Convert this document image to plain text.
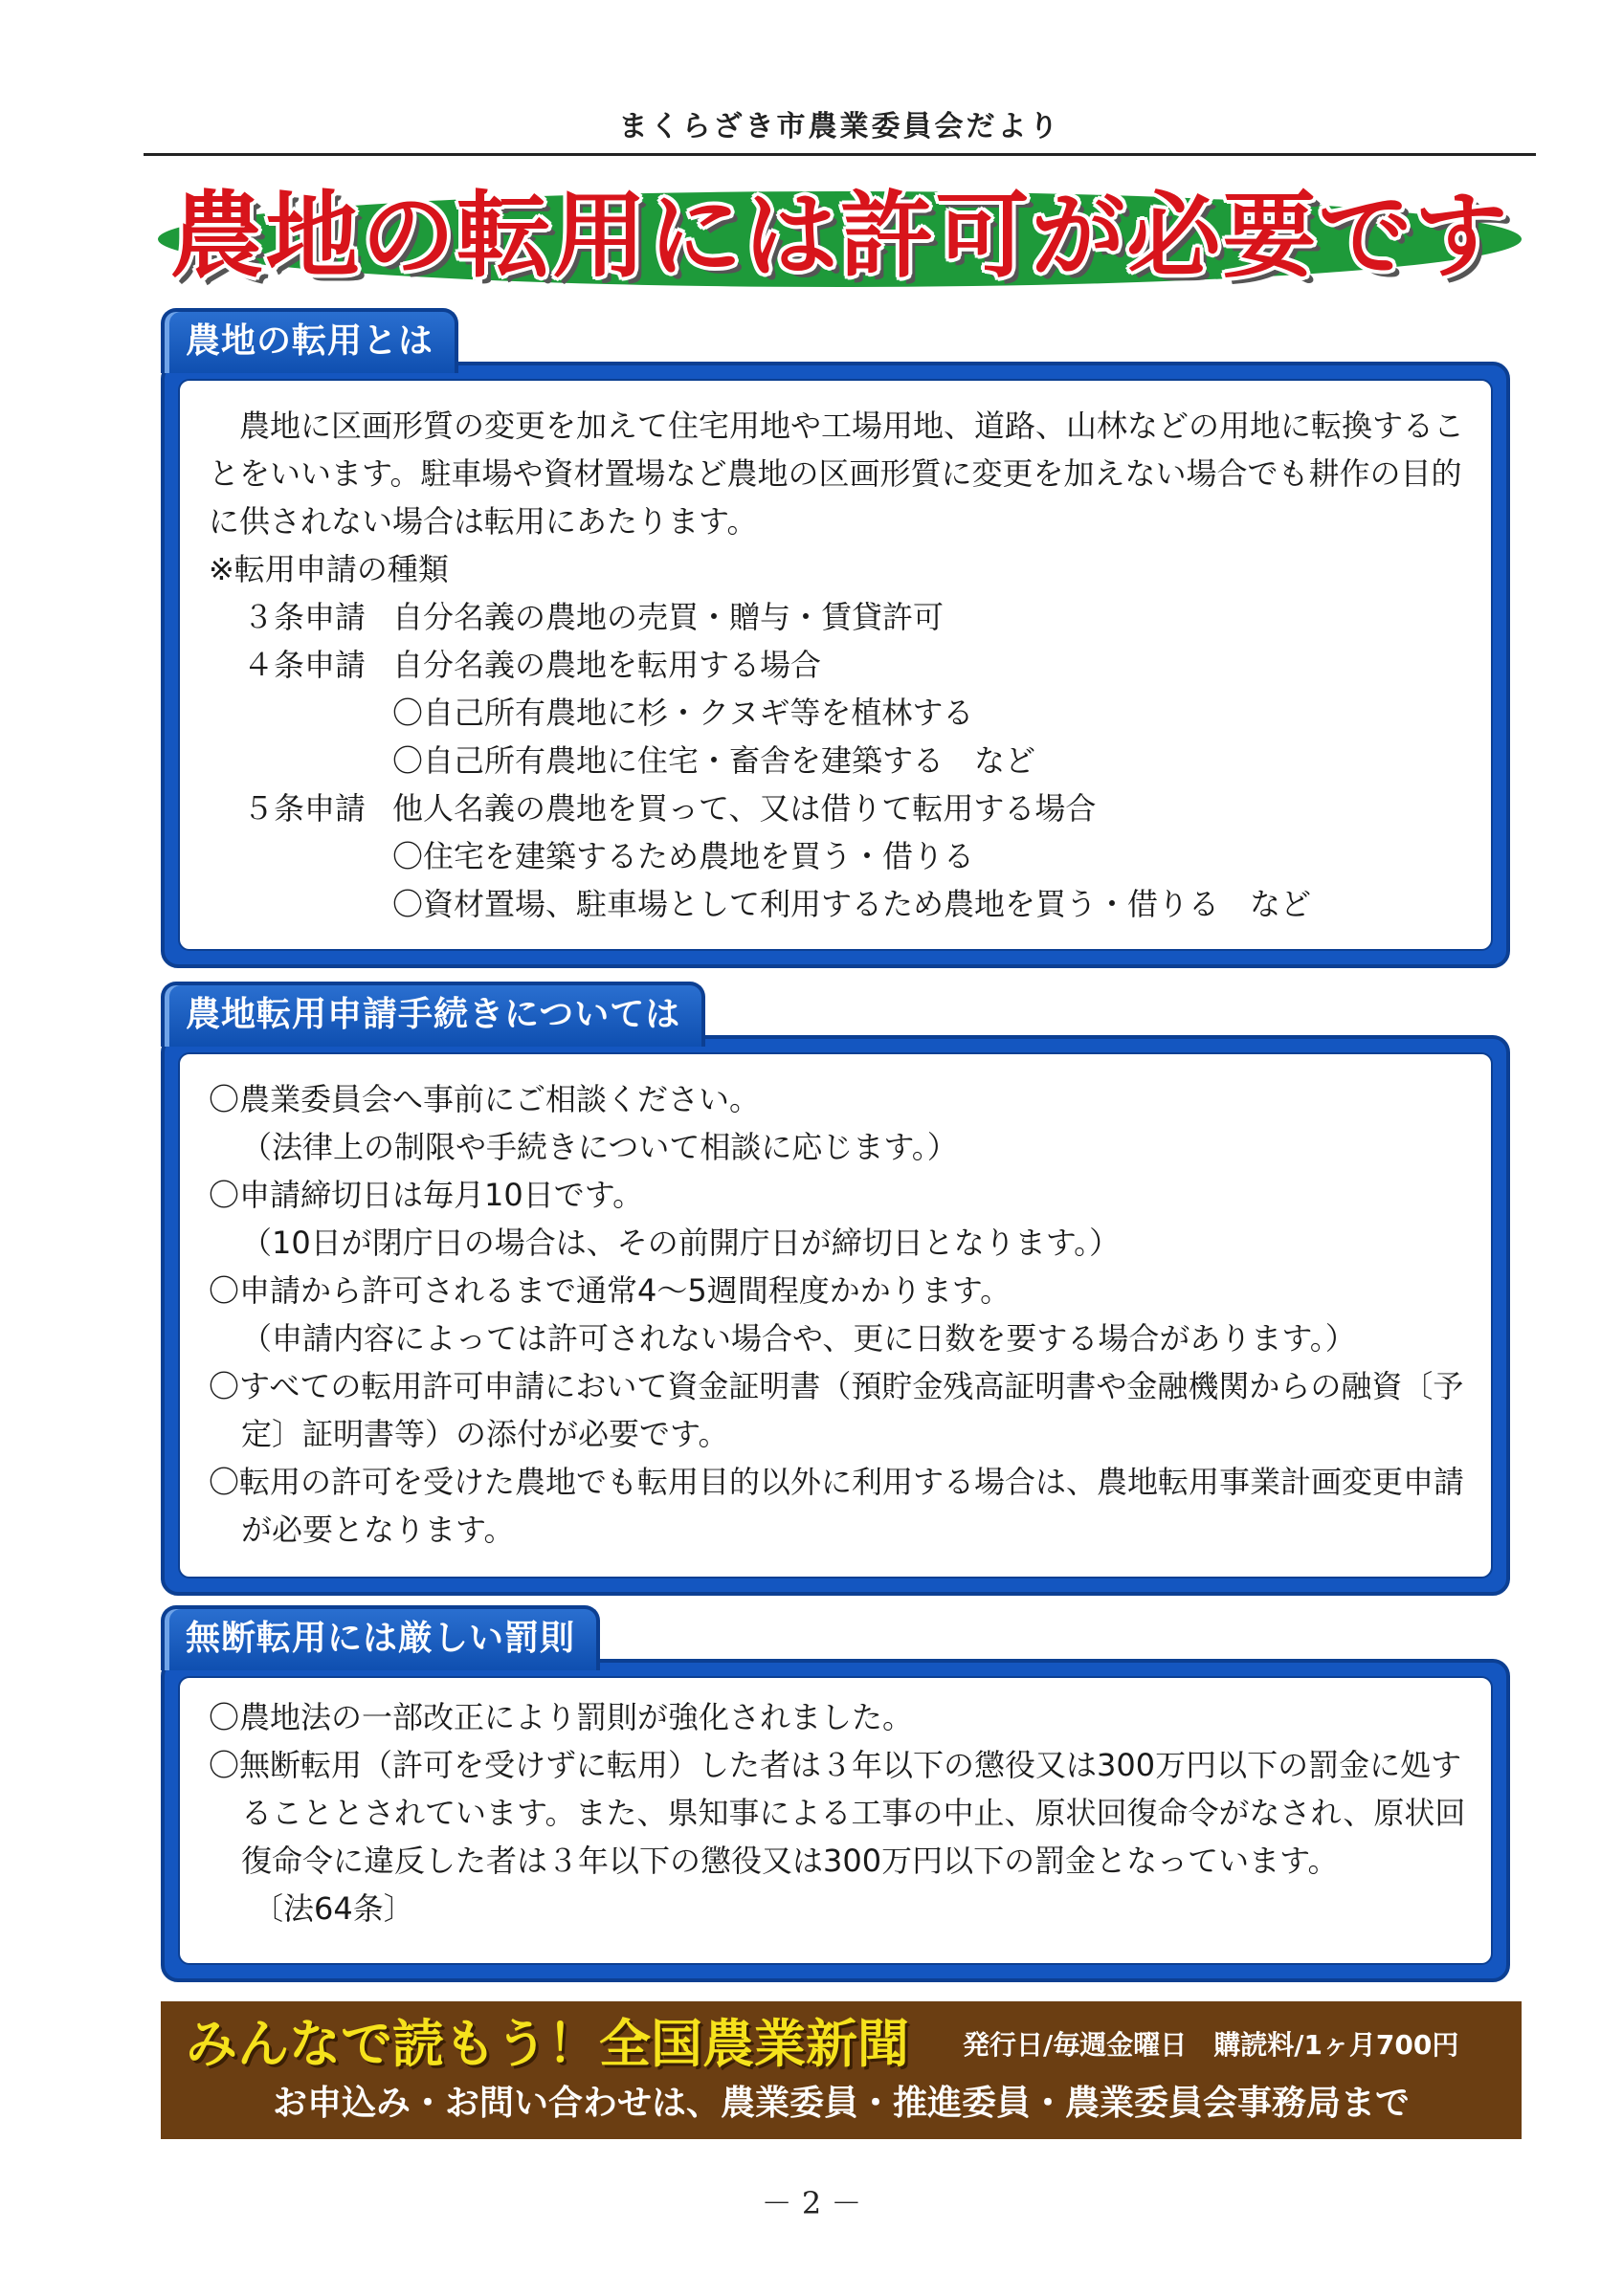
まくらざき市農業委員会だより
農地の転用には許可が必要です
農地の転用とは
　農地に区画形質の変更を加えて住宅用地や工場用地、道路、山林などの用地に転換するこ
とをいいます。駐車場や資材置場など農地の区画形質に変更を加えない場合でも耕作の目的
に供されない場合は転用にあたります。
※転用申請の種類
３条申請 自分名義の農地の売買・贈与・賃貸許可
４条申請 自分名義の農地を転用する場合
〇自己所有農地に杉・クヌギ等を植林する
〇自己所有農地に住宅・畜舎を建築する　など
５条申請 他人名義の農地を買って、又は借りて転用する場合
〇住宅を建築するため農地を買う・借りる
〇資材置場、駐車場として利用するため農地を買う・借りる　など
農地転用申請手続きについては
〇農業委員会へ事前にご相談ください。
（法律上の制限や手続きについて相談に応じます。）
〇申請締切日は毎月10日です。
（10日が閉庁日の場合は、その前開庁日が締切日となります。）
〇申請から許可されるまで通常4～5週間程度かかります。
（申請内容によっては許可されない場合や、更に日数を要する場合があります。）
〇すべての転用許可申請において資金証明書（預貯金残高証明書や金融機関からの融資〔予
定〕証明書等）の添付が必要です。
〇転用の許可を受けた農地でも転用目的以外に利用する場合は、農地転用事業計画変更申請
が必要となります。
無断転用には厳しい罰則
〇農地法の一部改正により罰則が強化されました。
〇無断転用（許可を受けずに転用）した者は３年以下の懲役又は300万円以下の罰金に処す
ることとされています。また、県知事による工事の中止、原状回復命令がなされ、原状回
復命令に違反した者は３年以下の懲役又は300万円以下の罰金となっています。
〔法64条〕
みんなで読もう！全国農業新聞 発行日/毎週金曜日　購読料/1ヶ月700円
お申込み・お問い合わせは、農業委員・推進委員・農業委員会事務局まで
－ 2 －
